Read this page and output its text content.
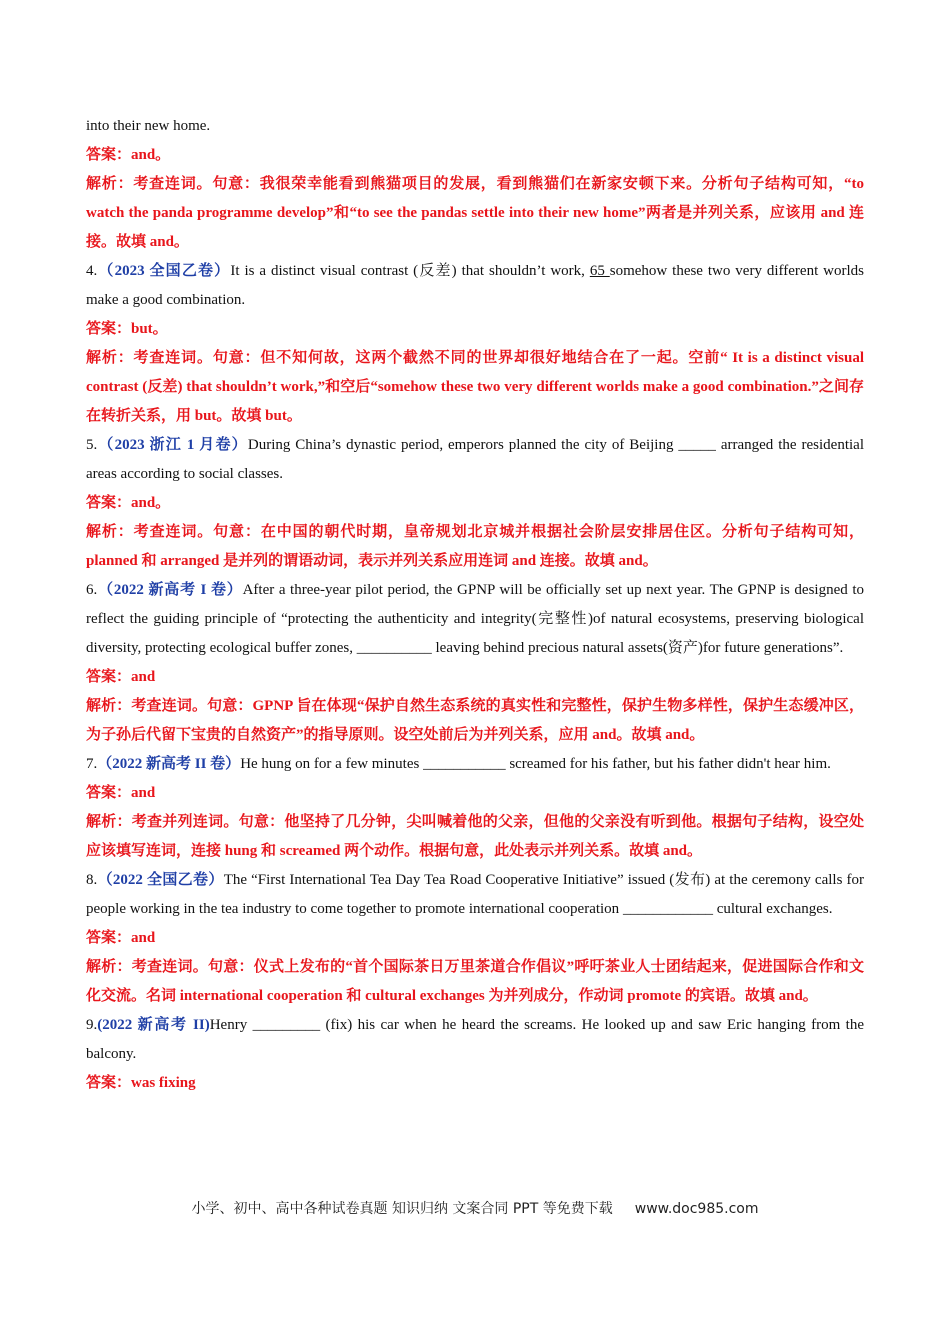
into their new home.
答案：and。
解析：考查连词。句意：我很荣幸能看到熊猫项目的发展，看到熊猫们在新家安顿下来。分析句子结构可知，“to watch the panda programme develop”和“to see the pandas settle into their new home”两者是并列关系，应该用 and 连接。故填 and。
4.（2023 全国乙卷）It is a distinct visual contrast (反差) that shouldn’t work, 65 somehow these two very different worlds make a good combination.
答案：but。
解析：考查连词。句意：但不知何故，这两个截然不同的世界却很好地结合在了一起。空前“ It is a distinct visual contrast (反差) that shouldn’t work,”和空后“somehow these two very different worlds make a good combination.”之间存在转折关系，用 but。故填 but。
5.（2023 浙江 1 月卷）During China’s dynastic period, emperors planned the city of Beijing _____ arranged the residential areas according to social classes.
答案：and。
解析：考查连词。句意：在中国的朝代时期，皇帝规划北京城并根据社会阶层安排居住区。分析句子结构可知，planned 和 arranged 是并列的谓语动词，表示并列关系应用连词 and 连接。故填 and。
6.（2022 新高考 I 卷）After a three-year pilot period, the GPNP will be officially set up next year. The GPNP is designed to reflect the guiding principle of “protecting the authenticity and integrity(完整性)of natural ecosystems, preserving biological diversity, protecting ecological buffer zones, __________ leaving behind precious natural assets(资产)for future generations”.
答案：and
解析：考查连词。句意：GPNP 旨在体现“保护自然生态系统的真实性和完整性，保护生物多样性，保护生态缓冲区，为子孙后代留下宝贵的自然资产”的指导原则。设空处前后为并列关系，应用 and。故填 and。
7.（2022 新高考 II 卷）He hung on for a few minutes ___________ screamed for his father, but his father didn't hear him.
答案：and
解析：考查并列连词。句意：他坚持了几分钟，尖叫喊着他的父亲，但他的父亲没有听到他。根据句子结构，设空处应该填写连词，连接 hung 和 screamed 两个动作。根据句意，此处表示并列关系。故填 and。
8.（2022 全国乙卷）The “First International Tea Day Tea Road Cooperative Initiative” issued (发布) at the ceremony calls for people working in the tea industry to come together to promote international cooperation ____________ cultural exchanges.
答案：and
解析：考查连词。句意：仪式上发布的“首个国际茶日万里茶道合作倡议”呼吁茶业人士团结起来，促进国际合作和文化交流。名词 international cooperation 和 cultural exchanges 为并列成分，作动词 promote 的宾语。故填 and。
9.(2022 新高考 II)Henry _________ (fix) his car when he heard the screams. He looked up and saw Eric hanging from the balcony.
答案：was fixing
小学、初中、高中各种试卷真题 知识归纳 文案合同 PPT 等免费下载 www.doc985.com
